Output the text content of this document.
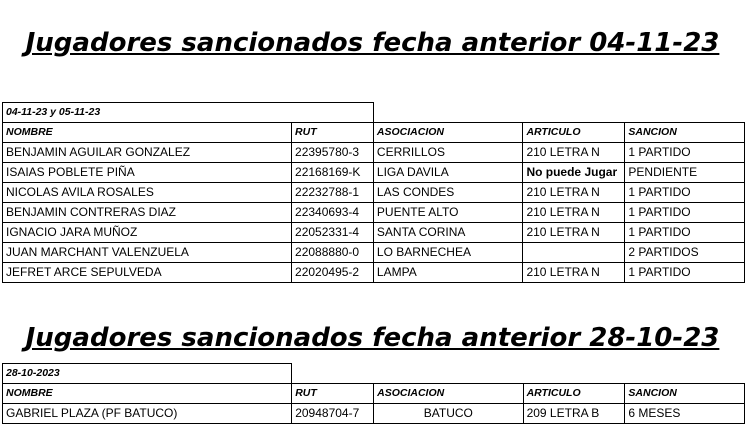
Jugadores sancionados fecha anterior 04-11-23
04-11-23 y 05-11-23				
NOMBRE	RUT	ASOCIACION	ARTICULO	SANCION
BENJAMIN AGUILAR GONZALEZ	22395780-3	CERRILLOS	210 LETRA N	1 PARTIDO
ISAIAS POBLETE PIÑA	22168169-K	LIGA DAVILA	No puede Jugar	PENDIENTE
NICOLAS AVILA ROSALES	22232788-1	LAS CONDES	210 LETRA N	1 PARTIDO
BENJAMIN CONTRERAS DIAZ	22340693-4	PUENTE ALTO	210 LETRA N	1 PARTIDO
IGNACIO JARA MUÑOZ	22052331-4	SANTA CORINA	210 LETRA N	1 PARTIDO
JUAN MARCHANT VALENZUELA	22088880-0	LO BARNECHEA		2 PARTIDOS
JEFRET ARCE SEPULVEDA	22020495-2	LAMPA	210 LETRA N	1 PARTIDO
Jugadores sancionados fecha anterior 28-10-23
28-10-2023				
NOMBRE	RUT	ASOCIACION	ARTICULO	SANCION
GABRIEL PLAZA (PF BATUCO)	20948704-7	BATUCO	209 LETRA B	6 MESES
